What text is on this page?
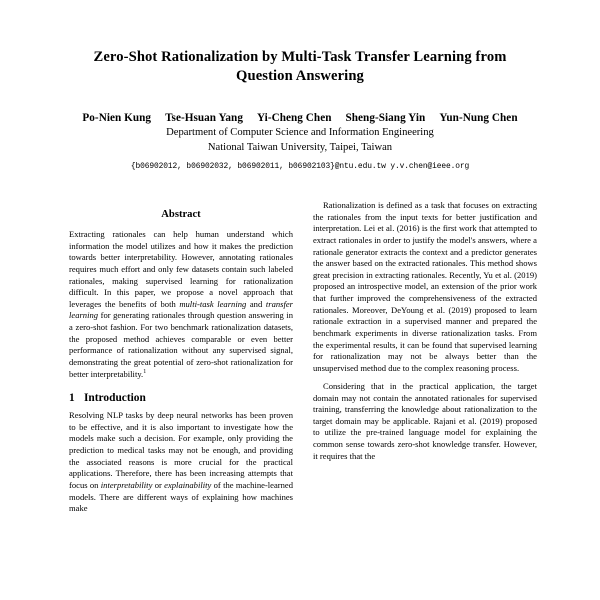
Zero-Shot Rationalization by Multi-Task Transfer Learning from Question Answering
Po-Nien Kung Tse-Hsuan Yang Yi-Cheng Chen Sheng-Siang Yin Yun-Nung Chen
Department of Computer Science and Information Engineering
National Taiwan University, Taipei, Taiwan
{b06902012, b06902032, b06902011, b06902103}@ntu.edu.tw y.v.chen@ieee.org
Abstract

Extracting rationales can help human understand which information the model utilizes and how it makes the prediction towards better interpretability. However, annotating rationales requires much effort and only few datasets contain such labeled rationales, making supervised learning for rationalization difficult. In this paper, we propose a novel approach that leverages the benefits of both multi-task learning and transfer learning for generating rationales through question answering in a zero-shot fashion. For two benchmark rationalization datasets, the proposed method achieves comparable or even better performance of rationalization without any supervised signal, demonstrating the great potential of zero-shot rationalization for better interpretability.$^1$

1 Introduction

Resolving NLP tasks by deep neural networks has been proven to be effective, and it is also important to investigate how the models make such a decision. For example, only providing the prediction to medical tasks may not be enough, and providing the associated reasons is more crucial for the practical applications. Therefore, there has been increasing attempts that focus on interpretability or explainability of the machine-learned models. There are different ways of explaining how machines make

Rationalization is defined as a task that focuses on extracting the rationales from the input texts for better justification and interpretation. Lei et al. (2016) is the first work that attempted to extract rationales in order to justify the model's answers, where a rationale generator extracts the context and a predictor generates the answer based on the extracted rationales. This method shows great precision in extracting rationales. Recently, Yu et al. (2019) proposed an introspective model, an extension of the prior work that further improved the comprehensiveness of the extracted rationales. Moreover, DeYoung et al. (2019) proposed to learn rationale extraction in a supervised manner and prepared the benchmark experiments in diverse rationalization tasks. From the experimental results, it can be found that supervised learning for rationalization may not be always better than the unsupervised method due to the complex reasoning process.

Considering that in the practical application, the target domain may not contain the annotated rationales for supervised training, transferring the knowledge about rationalization to the target domain may be applicable. Rajani et al. (2019) proposed to utilize the pre-trained language model for explaining the common sense towards zero-shot knowledge transfer. However, it requires that the
